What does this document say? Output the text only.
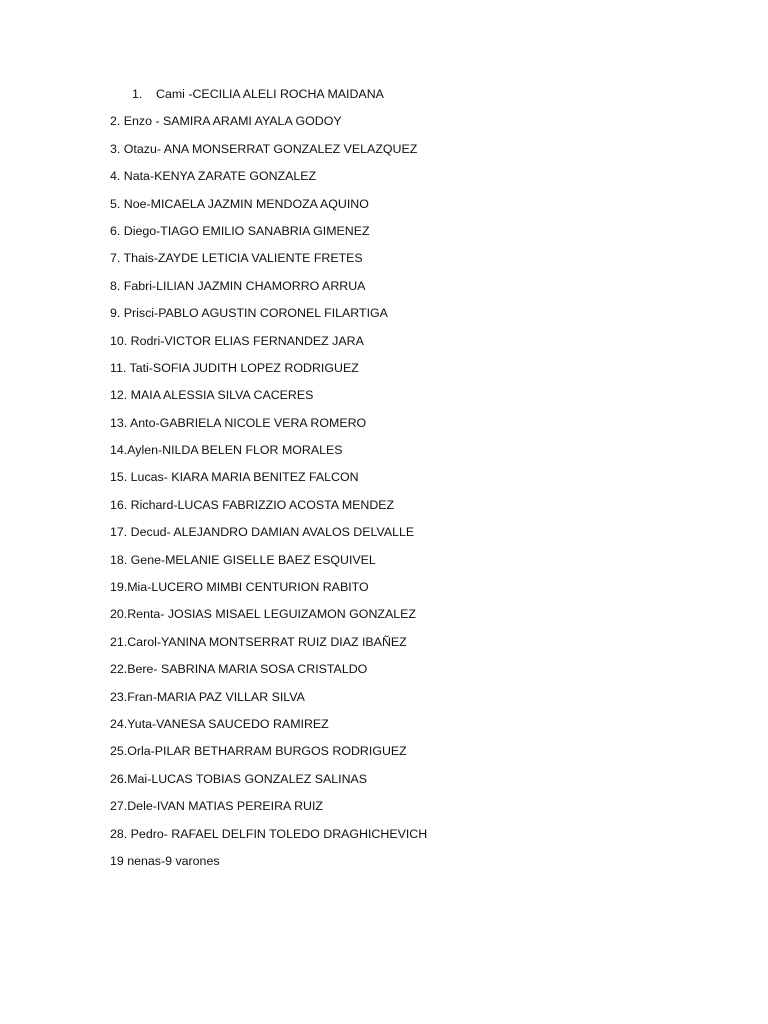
1.	Cami -CECILIA ALELI ROCHA MAIDANA
2. Enzo - SAMIRA ARAMI AYALA GODOY
3. Otazu- ANA MONSERRAT GONZALEZ VELAZQUEZ
4. Nata-KENYA ZARATE GONZALEZ
5. Noe-MICAELA JAZMIN MENDOZA AQUINO
6. Diego-TIAGO EMILIO SANABRIA GIMENEZ
7. Thais-ZAYDE LETICIA VALIENTE FRETES
8. Fabri-LILIAN JAZMIN CHAMORRO ARRUA
9. Prisci-PABLO AGUSTIN CORONEL FILARTIGA
10. Rodri-VICTOR ELIAS FERNANDEZ JARA
11. Tati-SOFIA JUDITH LOPEZ RODRIGUEZ
12. MAIA ALESSIA SILVA CACERES
13. Anto-GABRIELA NICOLE VERA ROMERO
14.Aylen-NILDA BELEN FLOR MORALES
15. Lucas- KIARA MARIA BENITEZ FALCON
16. Richard-LUCAS FABRIZZIO ACOSTA MENDEZ
17. Decud- ALEJANDRO DAMIAN AVALOS DELVALLE
18. Gene-MELANIE GISELLE BAEZ ESQUIVEL
19.Mia-LUCERO MIMBI CENTURION RABITO
20.Renta- JOSIAS MISAEL LEGUIZAMON GONZALEZ
21.Carol-YANINA MONTSERRAT RUIZ DIAZ IBAÑEZ
22.Bere- SABRINA MARIA SOSA CRISTALDO
23.Fran-MARIA PAZ VILLAR SILVA
24.Yuta-VANESA SAUCEDO RAMIREZ
25.Orla-PILAR BETHARRAM BURGOS RODRIGUEZ
26.Mai-LUCAS TOBIAS GONZALEZ SALINAS
27.Dele-IVAN MATIAS PEREIRA RUIZ
28. Pedro- RAFAEL DELFIN TOLEDO DRAGHICHEVICH
19 nenas-9 varones
